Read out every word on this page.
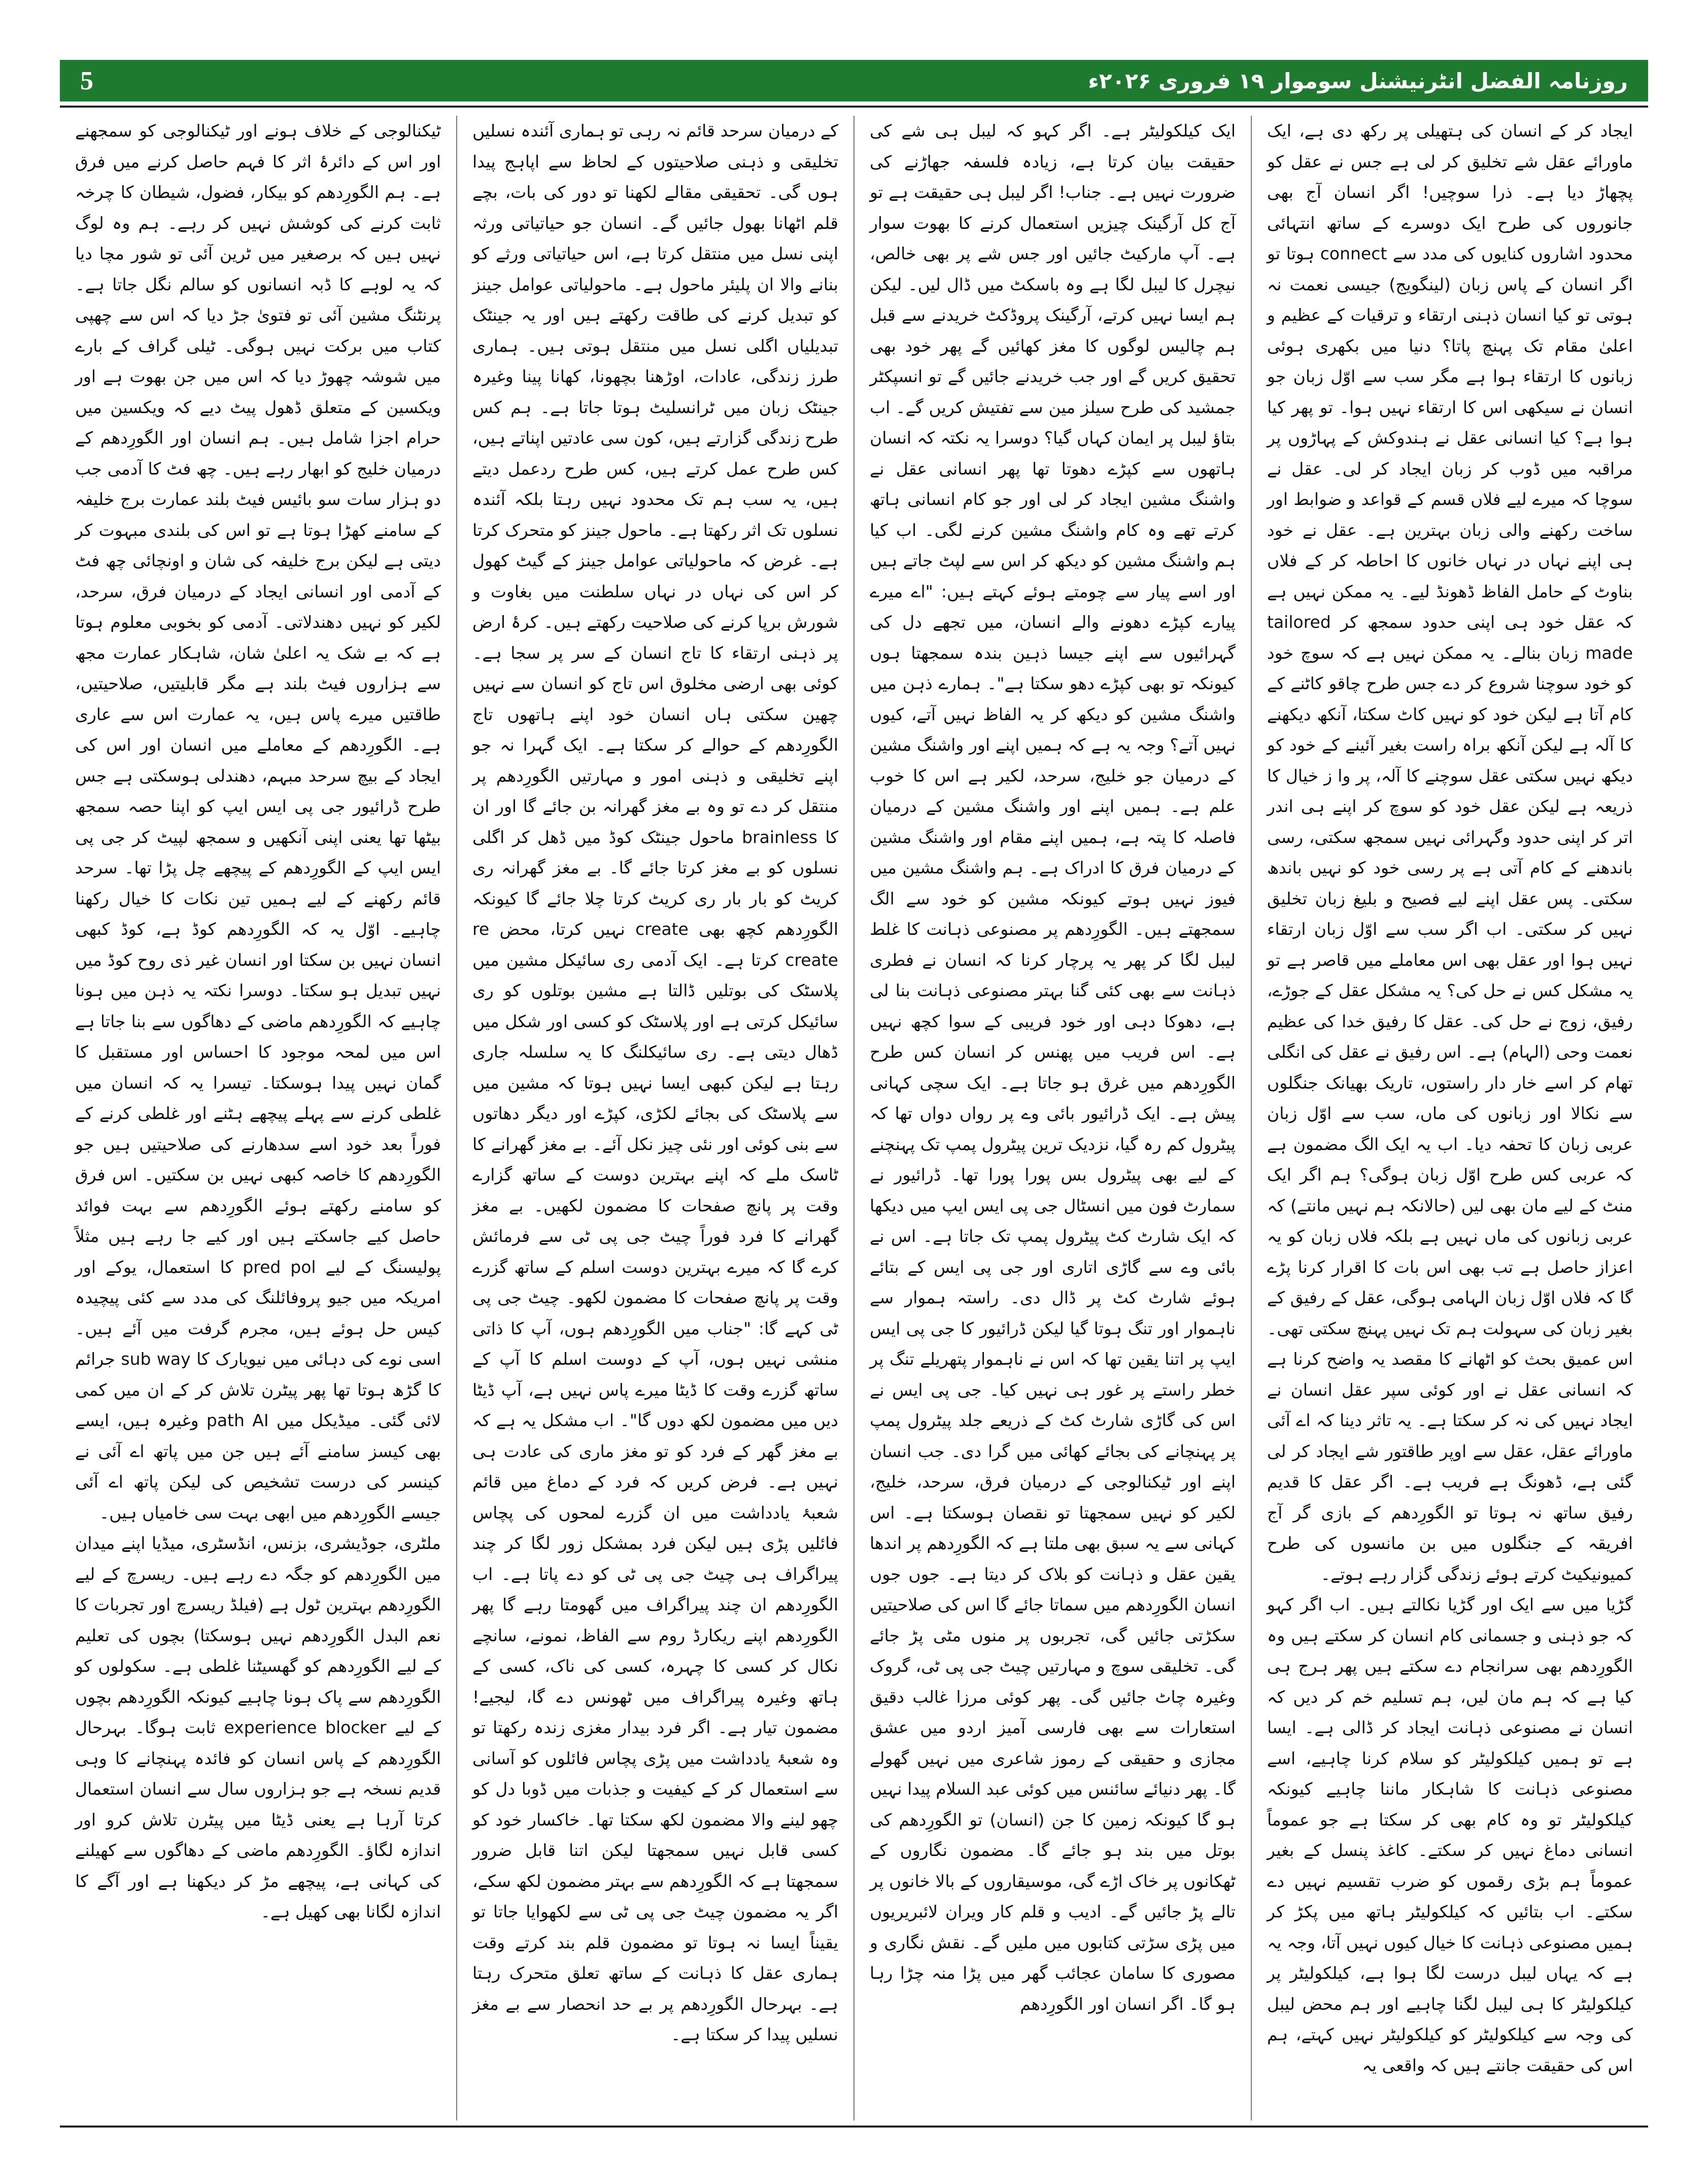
5	روزنامہ الفضل انٹرنیشنل سوموار ۱۹ فروری ۲۰۲۶ء

ایجاد کر کے انسان کی ہتھیلی پر رکھ دی ہے، ایک ماورائے عقل شے تخلیق کر لی ہے جس نے عقل کو پچھاڑ دیا ہے۔ ذرا سوچیں! اگر انسان آج بھی جانوروں کی طرح ایک دوسرے کے ساتھ انتہائی محدود اشاروں کنایوں کی مدد سے connect ہوتا تو اگر انسان کے پاس زبان (لینگویج) جیسی نعمت نہ ہوتی تو کیا انسان ذہنی ارتقاء و ترقیات کے عظیم و اعلیٰ مقام تک پہنچ پاتا؟ دنیا میں بکھری ہوئی زبانوں کا ارتقاء ہوا ہے مگر سب سے اوّل زبان جو انسان نے سیکھی اس کا ارتقاء نہیں ہوا۔ تو پھر کیا ہوا ہے؟ کیا انسانی عقل نے ہندوکش کے پہاڑوں پر مراقبہ میں ڈوب کر زبان ایجاد کر لی۔ عقل نے سوچا کہ میرے لیے فلاں قسم کے قواعد و ضوابط اور ساخت رکھنے والی زبان بہترین ہے۔ عقل نے خود ہی اپنے نہاں در نہاں خانوں کا احاطہ کر کے فلاں بناوٹ کے حامل الفاظ ڈھونڈ لیے۔ یہ ممکن نہیں ہے کہ عقل خود ہی اپنی حدود سمجھ کر tailored made زبان بنالے۔ یہ ممکن نہیں ہے کہ سوچ خود کو خود سوچنا شروع کر دے جس طرح چاقو کاٹنے کے کام آتا ہے لیکن خود کو نہیں کاٹ سکتا، آنکھ دیکھنے کا آلہ ہے لیکن آنکھ براہ راست بغیر آئینے کے خود کو دیکھ نہیں سکتی عقل سوچنے کا آلہ، پر وا ز خیال کا ذریعہ ہے لیکن عقل خود کو سوچ کر اپنے ہی اندر اتر کر اپنی حدود وگہرائی نہیں سمجھ سکتی، رسی باندھنے کے کام آتی ہے پر رسی خود کو نہیں باندھ سکتی۔ پس عقل اپنے لیے فصیح و بلیغ زبان تخلیق نہیں کر سکتی۔ اب اگر سب سے اوّل زبان ارتقاء نہیں ہوا اور عقل بھی اس معاملے میں قاصر ہے تو یہ مشکل کس نے حل کی؟ یہ مشکل عقل کے جوڑے، رفیق، زوج نے حل کی۔ عقل کا رفیق خدا کی عظیم نعمت وحی (الہام) ہے۔ اس رفیق نے عقل کی انگلی تھام کر اسے خار دار راستوں، تاریک بھیانک جنگلوں سے نکالا اور زبانوں کی ماں، سب سے اوّل زبان عربی زبان کا تحفہ دیا۔ اب یہ ایک الگ مضمون ہے کہ عربی کس طرح اوّل زبان ہوگی؟ ہم اگر ایک منٹ کے لیے مان بھی لیں (حالانکہ ہم نہیں مانتے) کہ عربی زبانوں کی ماں نہیں ہے بلکہ فلاں زبان کو یہ اعزاز حاصل ہے تب بھی اس بات کا اقرار کرنا پڑے گا کہ فلاں اوّل زبان الہامی ہوگی، عقل کے رفیق کے بغیر زبان کی سہولت ہم تک نہیں پہنچ سکتی تھی۔ اس عمیق بحث کو اٹھانے کا مقصد یہ واضح کرنا ہے کہ انسانی عقل نے اور کوئی سپر عقل انسان نے ایجاد نہیں کی نہ کر سکتا ہے۔ یہ تاثر دینا کہ اے آئی ماورائے عقل، عقل سے اوپر طاقتور شے ایجاد کر لی گئی ہے، ڈھونگ ہے فریب ہے۔ اگر عقل کا قدیم رفیق ساتھ نہ ہوتا تو الگورِدھم کے بازی گر آج افریقہ کے جنگلوں میں بن مانسوں کی طرح کمیونیکیٹ کرتے ہوئے زندگی گزار رہے ہوتے۔

گڑیا میں سے ایک اور گڑیا نکالتے ہیں۔ اب اگر کہو کہ جو ذہنی و جسمانی کام انسان کر سکتے ہیں وہ الگورِدھم بھی سرانجام دے سکتے ہیں پھر ہرج ہی کیا ہے کہ ہم مان لیں، ہم تسلیم خم کر دیں کہ انسان نے مصنوعی ذہانت ایجاد کر ڈالی ہے۔ ایسا ہے تو ہمیں کیلکولیٹر کو سلام کرنا چاہیے، اسے مصنوعی ذہانت کا شاہکار ماننا چاہیے کیونکہ کیلکولیٹر تو وہ کام بھی کر سکتا ہے جو عموماً انسانی دماغ نہیں کر سکتے۔ کاغذ پنسل کے بغیر عموماً ہم بڑی رقموں کو ضرب تقسیم نہیں دے سکتے۔ اب بتائیں کہ کیلکولیٹر ہاتھ میں پکڑ کر ہمیں مصنوعی ذہانت کا خیال کیوں نہیں آتا، وجہ یہ ہے کہ یہاں لیبل درست لگا ہوا ہے، کیلکولیٹر پر کیلکولیٹر کا ہی لیبل لگنا چاہیے اور ہم محض لیبل کی وجہ سے کیلکولیٹر کو کیلکولیٹر نہیں کہتے، ہم اس کی حقیقت جانتے ہیں کہ واقعی یہ

ایک کیلکولیٹر ہے۔ اگر کہو کہ لیبل ہی شے کی حقیقت بیان کرتا ہے، زیادہ فلسفہ جھاڑنے کی ضرورت نہیں ہے۔ جناب! اگر لیبل ہی حقیقت ہے تو آج کل آرگینک چیزیں استعمال کرنے کا بھوت سوار ہے۔ آپ مارکیٹ جائیں اور جس شے پر بھی خالص، نیچرل کا لیبل لگا ہے وہ باسکٹ میں ڈال لیں۔ لیکن ہم ایسا نہیں کرتے، آرگینک پروڈکٹ خریدنے سے قبل ہم چالیس لوگوں کا مغز کھائیں گے پھر خود بھی تحقیق کریں گے اور جب خریدنے جائیں گے تو انسپکٹر جمشید کی طرح سیلز مین سے تفتیش کریں گے۔ اب بتاؤ لیبل پر ایمان کہاں گیا؟ دوسرا یہ نکتہ کہ انسان ہاتھوں سے کپڑے دھوتا تھا پھر انسانی عقل نے واشنگ مشین ایجاد کر لی اور جو کام انسانی ہاتھ کرتے تھے وہ کام واشنگ مشین کرنے لگی۔ اب کیا ہم واشنگ مشین کو دیکھ کر اس سے لپٹ جاتے ہیں اور اسے پیار سے چومتے ہوئے کہتے ہیں: "اے میرے پیارے کپڑے دھونے والے انسان، میں تجھے دل کی گہرائیوں سے اپنے جیسا ذہین بندہ سمجھتا ہوں کیونکہ تو بھی کپڑے دھو سکتا ہے"۔ ہمارے ذہن میں واشنگ مشین کو دیکھ کر یہ الفاظ نہیں آتے، کیوں نہیں آتے؟ وجہ یہ ہے کہ ہمیں اپنے اور واشنگ مشین کے درمیان جو خلیج، سرحد، لکیر ہے اس کا خوب علم ہے۔ ہمیں اپنے اور واشنگ مشین کے درمیان فاصلہ کا پتہ ہے، ہمیں اپنے مقام اور واشنگ مشین کے درمیان فرق کا ادراک ہے۔ ہم واشنگ مشین میں فیوز نہیں ہوتے کیونکہ مشین کو خود سے الگ سمجھتے ہیں۔ الگورِدھم پر مصنوعی ذہانت کا غلط لیبل لگا کر پھر یہ پرچار کرنا کہ انسان نے فطری ذہانت سے بھی کئی گنا بہتر مصنوعی ذہانت بنا لی ہے، دھوکا دہی اور خود فریبی کے سوا کچھ نہیں ہے۔ اس فریب میں پھنس کر انسان کس طرح الگورِدھم میں غرق ہو جاتا ہے۔ ایک سچی کہانی پیش ہے۔ ایک ڈرائیور بائی وے پر رواں دواں تھا کہ پیٹرول کم رہ گیا، نزدیک ترین پیٹرول پمپ تک پہنچنے کے لیے بھی پیٹرول بس پورا پورا تھا۔ ڈرائیور نے سمارٹ فون میں انسٹال جی پی ایس ایپ میں دیکھا کہ ایک شارٹ کٹ پیٹرول پمپ تک جاتا ہے۔ اس نے بائی وے سے گاڑی اتاری اور جی پی ایس کے بتائے ہوئے شارٹ کٹ پر ڈال دی۔ راستہ ہموار سے ناہموار اور تنگ ہوتا گیا لیکن ڈرائیور کا جی پی ایس ایپ پر اتنا یقین تھا کہ اس نے ناہموار پتھریلے تنگ پر خطر راستے پر غور ہی نہیں کیا۔ جی پی ایس نے اس کی گاڑی شارٹ کٹ کے ذریعے جلد پیٹرول پمپ پر پہنچانے کی بجائے کھائی میں گرا دی۔ جب انسان اپنے اور ٹیکنالوجی کے درمیان فرق، سرحد، خلیج، لکیر کو نہیں سمجھتا تو نقصان ہوسکتا ہے۔ اس کہانی سے یہ سبق بھی ملتا ہے کہ الگورِدھم پر اندھا یقین عقل و ذہانت کو بلاک کر دیتا ہے۔ جوں جوں انسان الگورِدھم میں سماتا جائے گا اس کی صلاحیتیں سکڑتی جائیں گی، تجربوں پر منوں مٹی پڑ جائے گی۔ تخلیقی سوچ و مہارتیں چیٹ جی پی ٹی، گروک وغیرہ چاٹ جائیں گی۔ پھر کوئی مرزا غالب دقیق استعارات سے بھی فارسی آمیز اردو میں عشق مجازی و حقیقی کے رموز شاعری میں نہیں گھولے گا۔ پھر دنیائے سائنس میں کوئی عبد السلام پیدا نہیں ہو گا کیونکہ زمین کا جن (انسان) تو الگورِدھم کی بوتل میں بند ہو جائے گا۔ مضمون نگاروں کے ٹھکانوں پر خاک اڑے گی، موسیقاروں کے بالا خانوں پر تالے پڑ جائیں گے۔ ادیب و قلم کار ویران لائبریریوں میں پڑی سڑتی کتابوں میں ملیں گے۔ نقش نگاری و مصوری کا سامان عجائب گھر میں پڑا منہ چڑا رہا ہو گا۔ اگر انسان اور الگورِدھم

کے درمیان سرحد قائم نہ رہی تو ہماری آئندہ نسلیں تخلیقی و ذہنی صلاحیتوں کے لحاظ سے اپاہج پیدا ہوں گی۔ تحقیقی مقالے لکھنا تو دور کی بات، بچے قلم اٹھانا بھول جائیں گے۔ انسان جو حیاتیاتی ورثہ اپنی نسل میں منتقل کرتا ہے، اس حیاتیاتی ورثے کو بنانے والا ان پلیئر ماحول ہے۔ ماحولیاتی عوامل جینز کو تبدیل کرنے کی طاقت رکھتے ہیں اور یہ جینٹک تبدیلیاں اگلی نسل میں منتقل ہوتی ہیں۔ ہماری طرز زندگی، عادات، اوڑھنا بچھونا، کھانا پینا وغیرہ جینٹک زبان میں ٹرانسلیٹ ہوتا جاتا ہے۔ ہم کس طرح زندگی گزارتے ہیں، کون سی عادتیں اپناتے ہیں، کس طرح عمل کرتے ہیں، کس طرح ردعمل دیتے ہیں، یہ سب ہم تک محدود نہیں رہتا بلکہ آئندہ نسلوں تک اثر رکھتا ہے۔ ماحول جینز کو متحرک کرتا ہے۔ غرض کہ ماحولیاتی عوامل جینز کے گیٹ کھول کر اس کی نہاں در نہاں سلطنت میں بغاوت و شورش برپا کرنے کی صلاحیت رکھتے ہیں۔ کرۂ ارض پر ذہنی ارتقاء کا تاج انسان کے سر پر سجا ہے۔ کوئی بھی ارضی مخلوق اس تاج کو انسان سے نہیں چھین سکتی ہاں انسان خود اپنے ہاتھوں تاج الگورِدھم کے حوالے کر سکتا ہے۔ ایک گہرا نہ جو اپنے تخلیقی و ذہنی امور و مہارتیں الگورِدھم پر منتقل کر دے تو وہ بے مغز گھرانہ بن جائے گا اور ان کا brainless ماحول جینٹک کوڈ میں ڈھل کر اگلی نسلوں کو بے مغز کرتا جائے گا۔ بے مغز گھرانہ ری کریٹ کو بار بار ری کریٹ کرتا چلا جائے گا کیونکہ الگورِدھم کچھ بھی create نہیں کرتا، محض re create کرتا ہے۔ ایک آدمی ری سائیکل مشین میں پلاسٹک کی بوتلیں ڈالتا ہے مشین بوتلوں کو ری سائیکل کرتی ہے اور پلاسٹک کو کسی اور شکل میں ڈھال دیتی ہے۔ ری سائیکلنگ کا یہ سلسلہ جاری رہتا ہے لیکن کبھی ایسا نہیں ہوتا کہ مشین میں سے پلاسٹک کی بجائے لکڑی، کپڑے اور دیگر دھاتوں سے بنی کوئی اور نئی چیز نکل آئے۔ بے مغز گھرانے کا ٹاسک ملے کہ اپنے بہترین دوست کے ساتھ گزارے وقت پر پانچ صفحات کا مضمون لکھیں۔ بے مغز گھرانے کا فرد فوراً چیٹ جی پی ٹی سے فرمائش کرے گا کہ میرے بہترین دوست اسلم کے ساتھ گزرے وقت پر پانچ صفحات کا مضمون لکھو۔ چیٹ جی پی ٹی کہے گا: "جناب میں الگورِدھم ہوں، آپ کا ذاتی منشی نہیں ہوں، آپ کے دوست اسلم کا آپ کے ساتھ گزرے وقت کا ڈیٹا میرے پاس نہیں ہے، آپ ڈیٹا دیں میں مضمون لکھ دوں گا"۔ اب مشکل یہ ہے کہ بے مغز گھر کے فرد کو تو مغز ماری کی عادت ہی نہیں ہے۔ فرض کریں کہ فرد کے دماغ میں قائم شعبۂ یادداشت میں ان گزرے لمحوں کی پچاس فائلیں پڑی ہیں لیکن فرد بمشکل زور لگا کر چند پیراگراف ہی چیٹ جی پی ٹی کو دے پاتا ہے۔ اب الگورِدھم ان چند پیراگراف میں گھومتا رہے گا پھر الگورِدھم اپنے ریکارڈ روم سے الفاظ، نمونے، سانچے نکال کر کسی کا چہرہ، کسی کی ناک، کسی کے ہاتھ وغیرہ پیراگراف میں ٹھونس دے گا، لیجیے! مضمون تیار ہے۔ اگر فرد بیدار مغزی زندہ رکھتا تو وہ شعبۂ یادداشت میں پڑی پچاس فائلوں کو آسانی سے استعمال کر کے کیفیت و جذبات میں ڈوبا دل کو چھو لینے والا مضمون لکھ سکتا تھا۔ خاکسار خود کو کسی قابل نہیں سمجھتا لیکن اتنا قابل ضرور سمجھتا ہے کہ الگورِدھم سے بہتر مضمون لکھ سکے، اگر یہ مضمون چیٹ جی پی ٹی سے لکھوایا جاتا تو یقیناً ایسا نہ ہوتا تو مضمون قلم بند کرتے وقت ہماری عقل کا ذہانت کے ساتھ تعلق متحرک رہتا ہے۔ بہرحال الگورِدھم پر بے حد انحصار سے بے مغز نسلیں پیدا کر سکتا ہے۔

ٹیکنالوجی کے خلاف ہونے اور ٹیکنالوجی کو سمجھنے اور اس کے دائرۂ اثر کا فہم حاصل کرنے میں فرق ہے۔ ہم الگورِدھم کو بیکار، فضول، شیطان کا چرخہ ثابت کرنے کی کوشش نہیں کر رہے۔ ہم وہ لوگ نہیں ہیں کہ برصغیر میں ٹرین آئی تو شور مچا دیا کہ یہ لوہے کا ڈبہ انسانوں کو سالم نگل جاتا ہے۔ پرنٹنگ مشین آئی تو فتویٰ جڑ دیا کہ اس سے چھپی کتاب میں برکت نہیں ہوگی۔ ٹیلی گراف کے بارے میں شوشہ چھوڑ دیا کہ اس میں جن بھوت ہے اور ویکسین کے متعلق ڈھول پیٹ دیے کہ ویکسین میں حرام اجزا شامل ہیں۔ ہم انسان اور الگورِدھم کے درمیان خلیج کو ابھار رہے ہیں۔ چھ فٹ کا آدمی جب دو ہزار سات سو بائیس فیٹ بلند عمارت برج خلیفہ کے سامنے کھڑا ہوتا ہے تو اس کی بلندی مبہوت کر دیتی ہے لیکن برج خلیفہ کی شان و اونچائی چھ فٹ کے آدمی اور انسانی ایجاد کے درمیان فرق، سرحد، لکیر کو نہیں دھندلاتی۔ آدمی کو بخوبی معلوم ہوتا ہے کہ بے شک یہ اعلیٰ شان، شاہکار عمارت مجھ سے ہزاروں فیٹ بلند ہے مگر قابلیتیں، صلاحیتیں، طاقتیں میرے پاس ہیں، یہ عمارت اس سے عاری ہے۔ الگورِدھم کے معاملے میں انسان اور اس کی ایجاد کے بیچ سرحد مبہم، دھندلی ہوسکتی ہے جس طرح ڈرائیور جی پی ایس ایپ کو اپنا حصہ سمجھ بیٹھا تھا یعنی اپنی آنکھیں و سمجھ لپیٹ کر جی پی ایس ایپ کے الگورِدھم کے پیچھے چل پڑا تھا۔ سرحد قائم رکھنے کے لیے ہمیں تین نکات کا خیال رکھنا چاہیے۔ اوّل یہ کہ الگورِدھم کوڈ ہے، کوڈ کبھی انسان نہیں بن سکتا اور انسان غیر ذی روح کوڈ میں نہیں تبدیل ہو سکتا۔ دوسرا نکتہ یہ ذہن میں ہونا چاہیے کہ الگورِدھم ماضی کے دھاگوں سے بنا جاتا ہے اس میں لمحہ موجود کا احساس اور مستقبل کا گمان نہیں پیدا ہوسکتا۔ تیسرا یہ کہ انسان میں غلطی کرنے سے پہلے پیچھے ہٹنے اور غلطی کرنے کے فوراً بعد خود اسے سدھارنے کی صلاحیتیں ہیں جو الگورِدھم کا خاصہ کبھی نہیں بن سکتیں۔ اس فرق کو سامنے رکھتے ہوئے الگورِدھم سے بہت فوائد حاصل کیے جاسکتے ہیں اور کیے جا رہے ہیں مثلاً پولیسنگ کے لیے pred pol کا استعمال، یوکے اور امریکہ میں جیو پروفائلنگ کی مدد سے کئی پیچیدہ کیس حل ہوئے ہیں، مجرم گرفت میں آئے ہیں۔ اسی نوے کی دہائی میں نیویارک کا sub way جرائم کا گڑھ ہوتا تھا پھر پیٹرن تلاش کر کے ان میں کمی لائی گئی۔ میڈیکل میں path AI وغیرہ ہیں، ایسے بھی کیسز سامنے آئے ہیں جن میں پاتھ اے آئی نے کینسر کی درست تشخیص کی لیکن پاتھ اے آئی جیسے الگورِدھم میں ابھی بہت سی خامیاں ہیں۔

ملٹری، جوڈیشری، بزنس، انڈسٹری، میڈیا اپنے میدان میں الگورِدھم کو جگہ دے رہے ہیں۔ ریسرچ کے لیے الگورِدھم بہترین ٹول ہے (فیلڈ ریسرچ اور تجربات کا نعم البدل الگورِدھم نہیں ہوسکتا) بچوں کی تعلیم کے لیے الگورِدھم کو گھسیٹنا غلطی ہے۔ سکولوں کو الگورِدھم سے پاک ہونا چاہیے کیونکہ الگورِدھم بچوں کے لیے experience blocker ثابت ہوگا۔ بہرحال الگورِدھم کے پاس انسان کو فائدہ پہنچانے کا وہی قدیم نسخہ ہے جو ہزاروں سال سے انسان استعمال کرتا آرہا ہے یعنی ڈیٹا میں پیٹرن تلاش کرو اور اندازہ لگاؤ۔ الگورِدھم ماضی کے دھاگوں سے کھیلنے کی کہانی ہے، پیچھے مڑ کر دیکھنا ہے اور آگے کا اندازہ لگانا بھی کھیل ہے۔
